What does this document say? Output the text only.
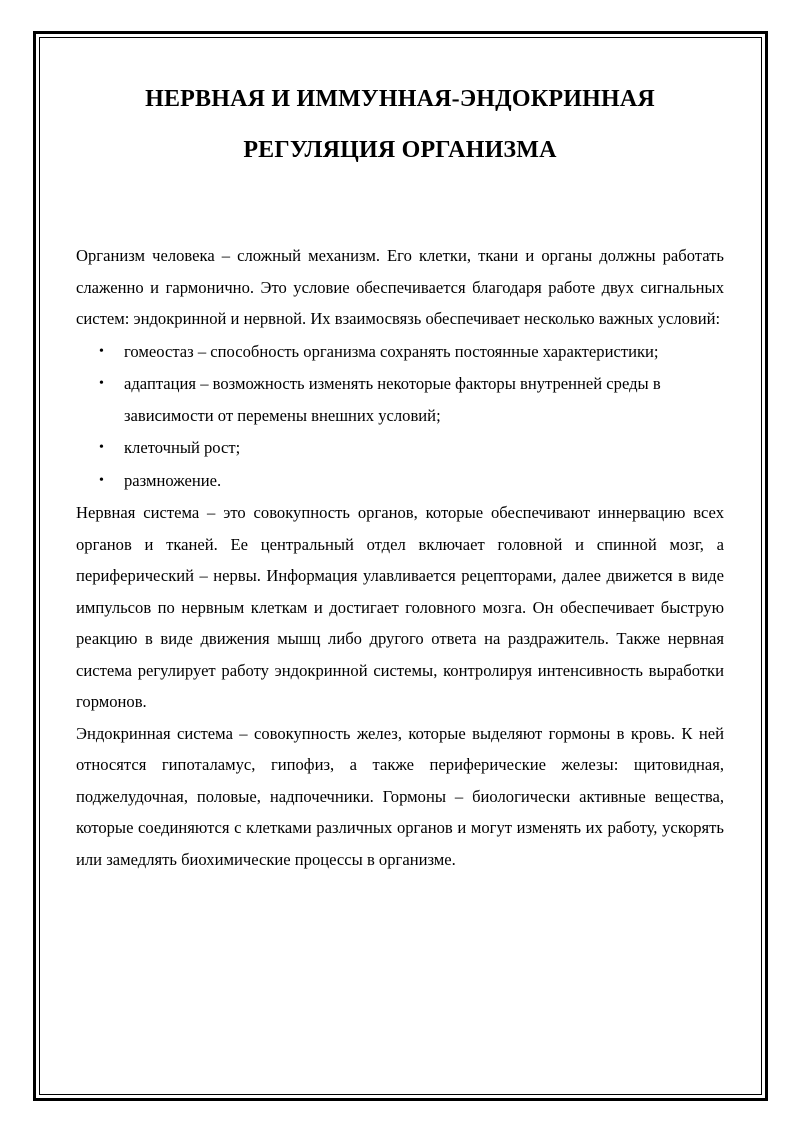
НЕРВНАЯ И ИММУННАЯ-ЭНДОКРИННАЯ
РЕГУЛЯЦИЯ ОРГАНИЗМА

Организм человека – сложный механизм. Его клетки, ткани и органы должны работать слаженно и гармонично. Это условие обеспечивается благодаря работе двух сигнальных систем: эндокринной и нервной. Их взаимосвязь обеспечивает несколько важных условий:

• гомеостаз – способность организма сохранять постоянные характеристики;
• адаптация – возможность изменять некоторые факторы внутренней среды в зависимости от перемены внешних условий;
• клеточный рост;
• размножение.

Нервная система – это совокупность органов, которые обеспечивают иннервацию всех органов и тканей. Ее центральный отдел включает головной и спинной мозг, а периферический – нервы. Информация улавливается рецепторами, далее движется в виде импульсов по нервным клеткам и достигает головного мозга. Он обеспечивает быструю реакцию в виде движения мышц либо другого ответа на раздражитель. Также нервная система регулирует работу эндокринной системы, контролируя интенсивность выработки гормонов.

Эндокринная система – совокупность желез, которые выделяют гормоны в кровь. К ней относятся гипоталамус, гипофиз, а также периферические железы: щитовидная, поджелудочная, половые, надпочечники. Гормоны – биологически активные вещества, которые соединяются с клетками различных органов и могут изменять их работу, ускорять или замедлять биохимические процессы в организме.
